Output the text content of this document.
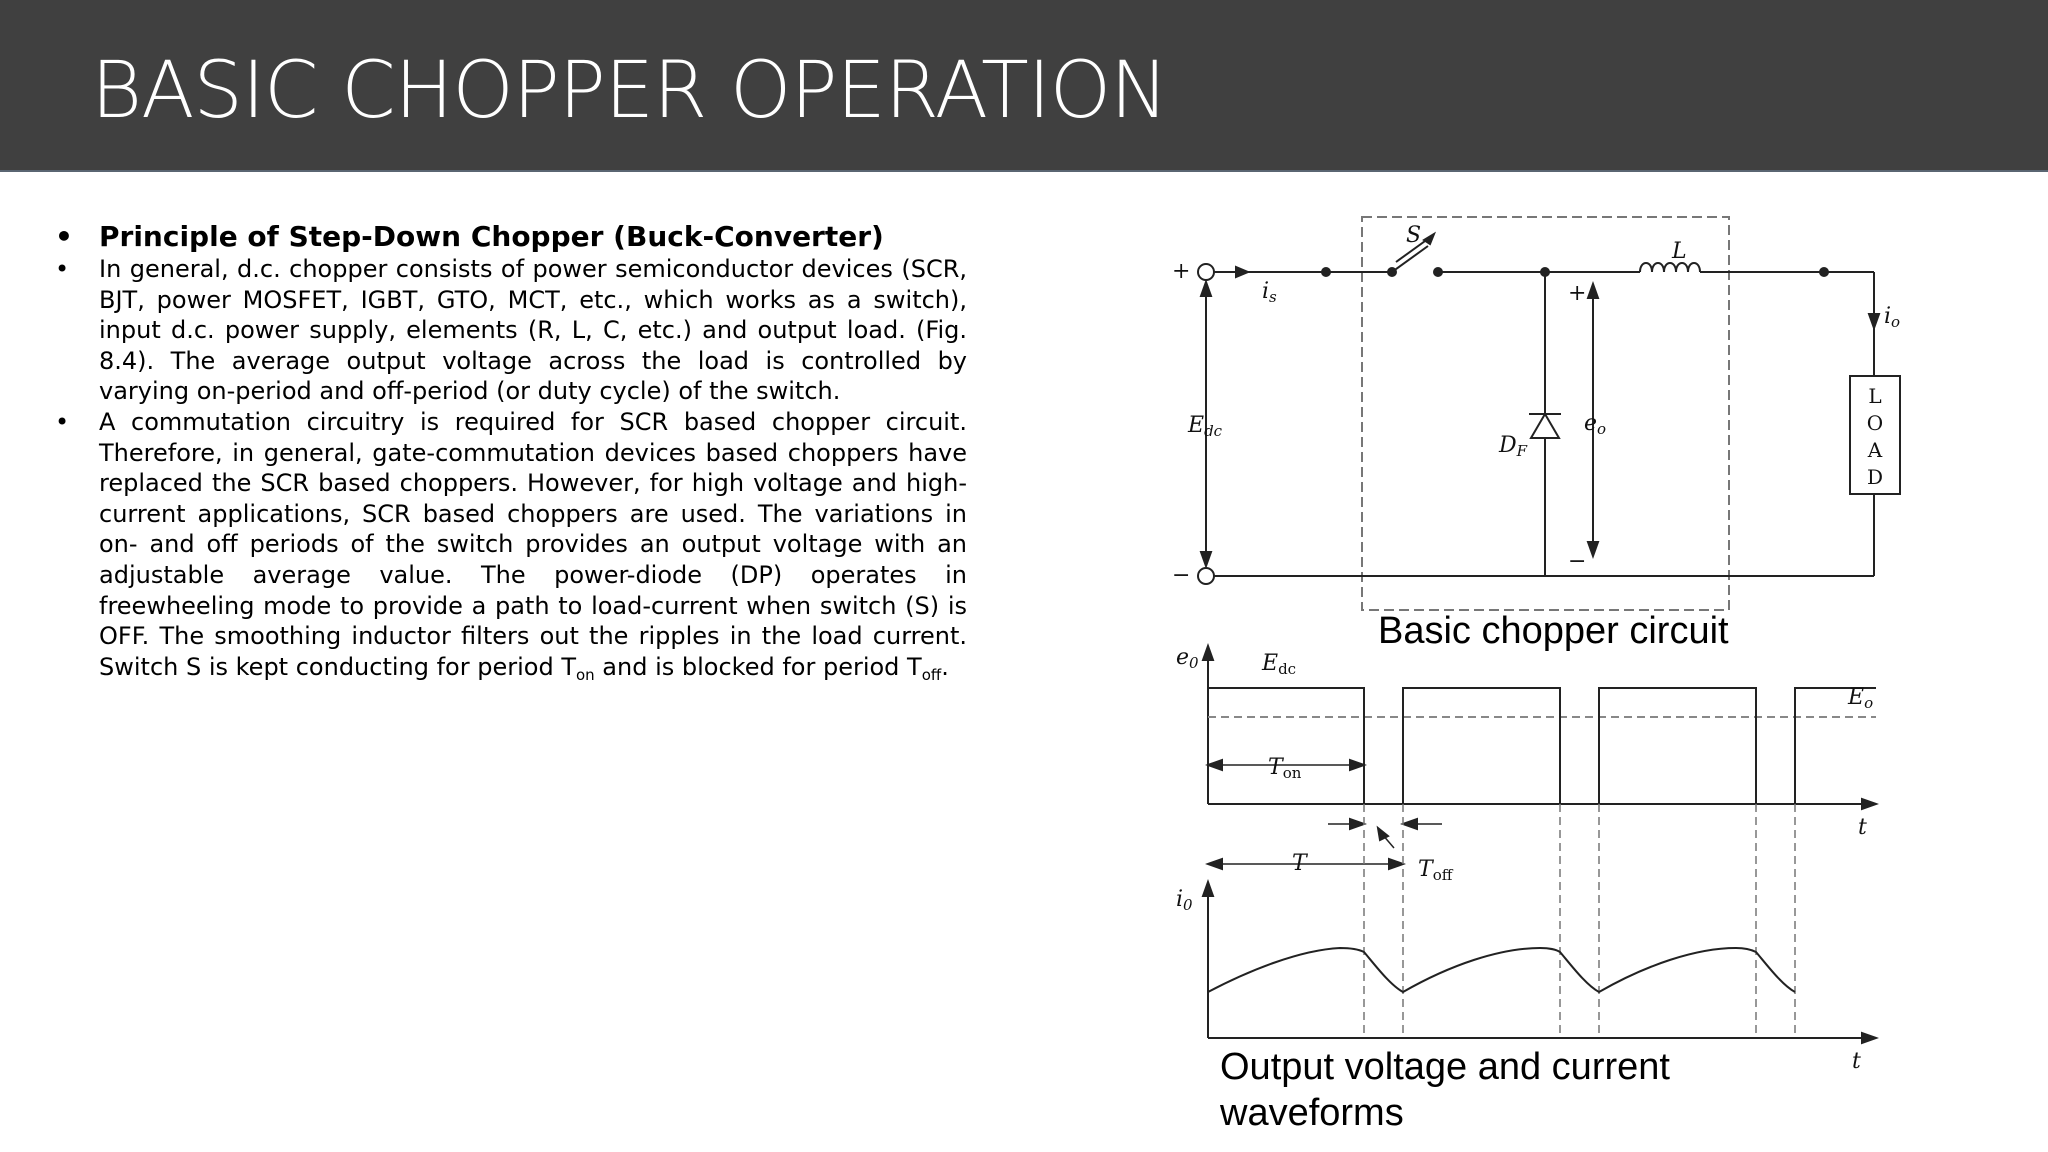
BASIC CHOPPER OPERATION
• Principle of Step-Down Chopper (Buck-Converter)
• In general, d.c. chopper consists of power semiconductor devices (SCR, BJT, power MOSFET, IGBT, GTO, MCT, etc., which works as a switch), input d.c. power supply, elements (R, L, C, etc.) and output load. (Fig. 8.4). The average output voltage across the load is controlled by varying on-period and off-period (or duty cycle) of the switch.
• A commutation circuitry is required for SCR based chopper circuit. Therefore, in general, gate-commutation devices based choppers have replaced the SCR based choppers. However, for high voltage and high-current applications, SCR based choppers are used. The variations in on- and off periods of the switch provides an output voltage with an adjustable average value. The power-diode (DP) operates in freewheeling mode to provide a path to load-current when switch (S) is OFF. The smoothing inductor filters out the ripples in the load current. Switch S is kept conducting for period $T_{on}$ and is blocked for period $T_{off}$.
+
−
Edc
is
S
L
DF
+
−
eo
io
L
O
A
D
e0	Edc
Eo
Ton
Toff
T
t
i0
t
Basic chopper circuit
Output voltage and current waveforms
